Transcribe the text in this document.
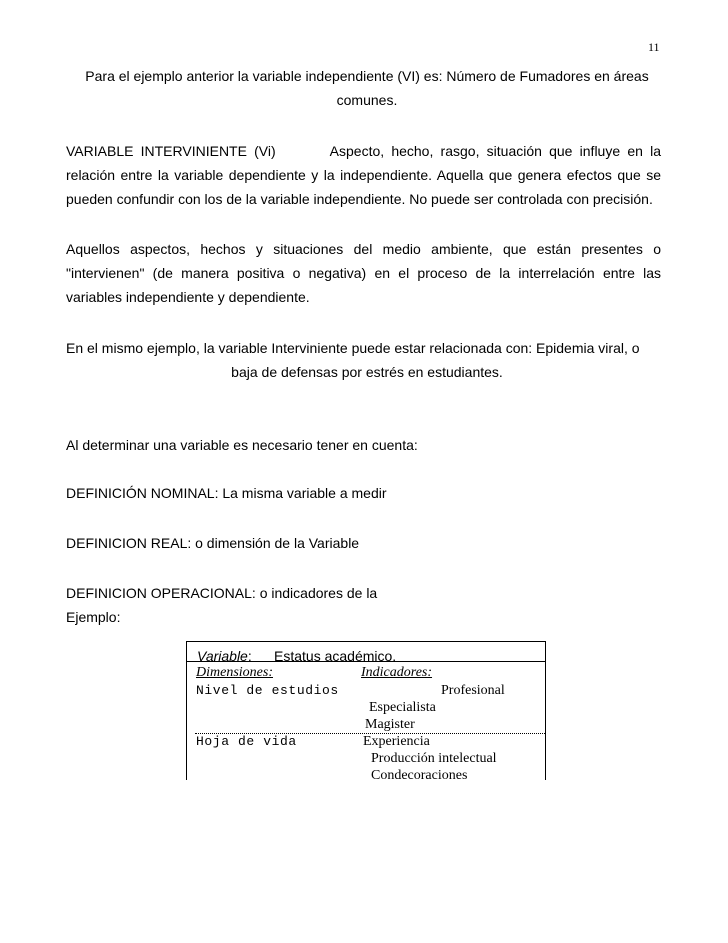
11

Para el ejemplo anterior la variable independiente (VI) es: Número de Fumadores en áreas comunes.

VARIABLE INTERVINIENTE (Vi)	Aspecto, hecho, rasgo, situación que influye en la relación entre la variable dependiente y la independiente. Aquella que genera efectos que se pueden confundir con los de la variable independiente. No puede ser controlada con precisión.

Aquellos aspectos, hechos y situaciones del medio ambiente, que están presentes o "intervienen" (de manera positiva o negativa) en el proceso de la interrelación entre las variables independiente y dependiente.

En el mismo ejemplo, la variable Interviniente puede estar relacionada con: Epidemia viral, o

baja de defensas por estrés en estudiantes.

Al determinar una variable es necesario tener en cuenta:

DEFINICIÓN NOMINAL: La misma variable a medir

DEFINICION REAL: o dimensión de la Variable

DEFINICION OPERACIONAL: o indicadores de la

Ejemplo:

Variable: Estatus académico.
Dimensiones:	Indicadores:
Nivel de estudios	Profesional
Especialista
Magister
Hoja de vida	Experiencia
Producción intelectual
Condecoraciones
